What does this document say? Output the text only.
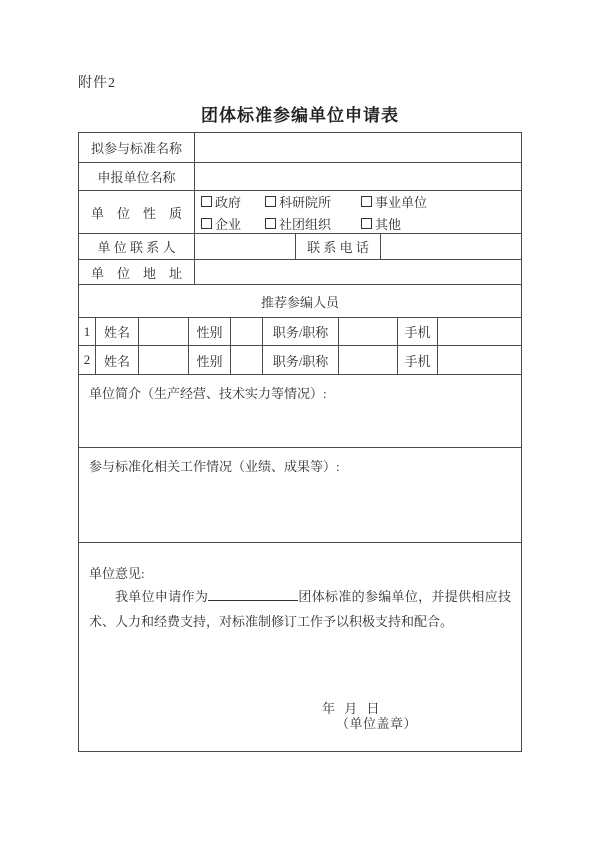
附件2
团体标准参编单位申请表
拟参与标准名称
申报单位名称
单　位　性　质
政府	科研院所	事业单位
企业	社团组织	其他
单 位 联 系 人	联 系 电 话
单　位　地　址
推荐参编人员
1	姓名	性别	职务/职称	手机
2	姓名	性别	职务/职称	手机
单位简介（生产经营、技术实力等情况）:
参与标准化相关工作情况（业绩、成果等）:
单位意见:

我单位申请作为	团体标准的参编单位，并提供相应技术、人力和经费支持，对标准制修订工作予以积极支持和配合。

年 月 日
（单位盖章）
